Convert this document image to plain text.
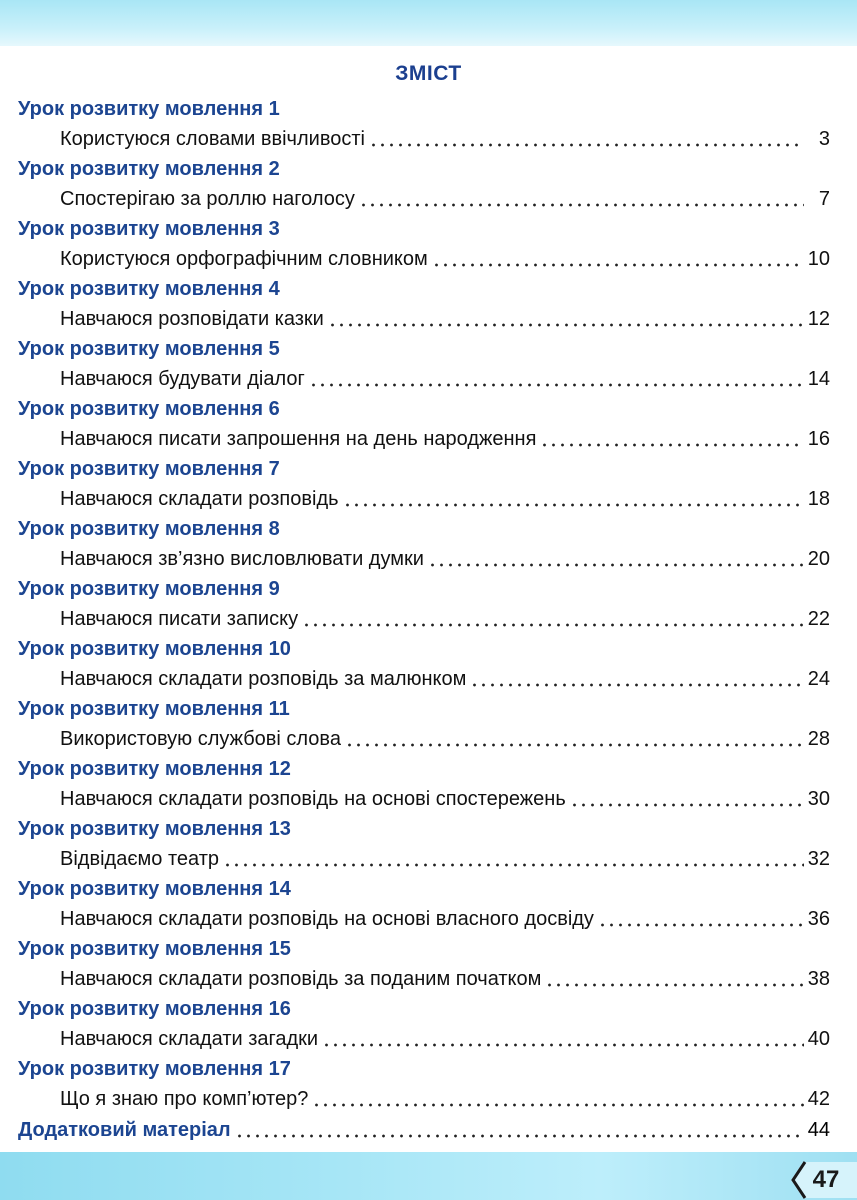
ЗМІСТ
Урок розвитку мовлення 1
Користуюся словами ввічливості	3
Урок розвитку мовлення 2
Спостерігаю за роллю наголосу	7
Урок розвитку мовлення 3
Користуюся орфографічним словником	10
Урок розвитку мовлення 4
Навчаюся розповідати казки	12
Урок розвитку мовлення 5
Навчаюся будувати діалог	14
Урок розвитку мовлення 6
Навчаюся писати запрошення на день народження	16
Урок розвитку мовлення 7
Навчаюся складати розповідь	18
Урок розвитку мовлення 8
Навчаюся зв’язно висловлювати думки	20
Урок розвитку мовлення 9
Навчаюся писати записку	22
Урок розвитку мовлення 10
Навчаюся складати розповідь за малюнком	24
Урок розвитку мовлення 11
Використовую службові слова	28
Урок розвитку мовлення 12
Навчаюся складати розповідь на основі спостережень	30
Урок розвитку мовлення 13
Відвідаємо театр	32
Урок розвитку мовлення 14
Навчаюся складати розповідь на основі власного досвіду	36
Урок розвитку мовлення 15
Навчаюся складати розповідь за поданим початком	38
Урок розвитку мовлення 16
Навчаюся складати загадки	40
Урок розвитку мовлення 17
Що я знаю про комп’ютер?	42
Додатковий матеріал	44
47
